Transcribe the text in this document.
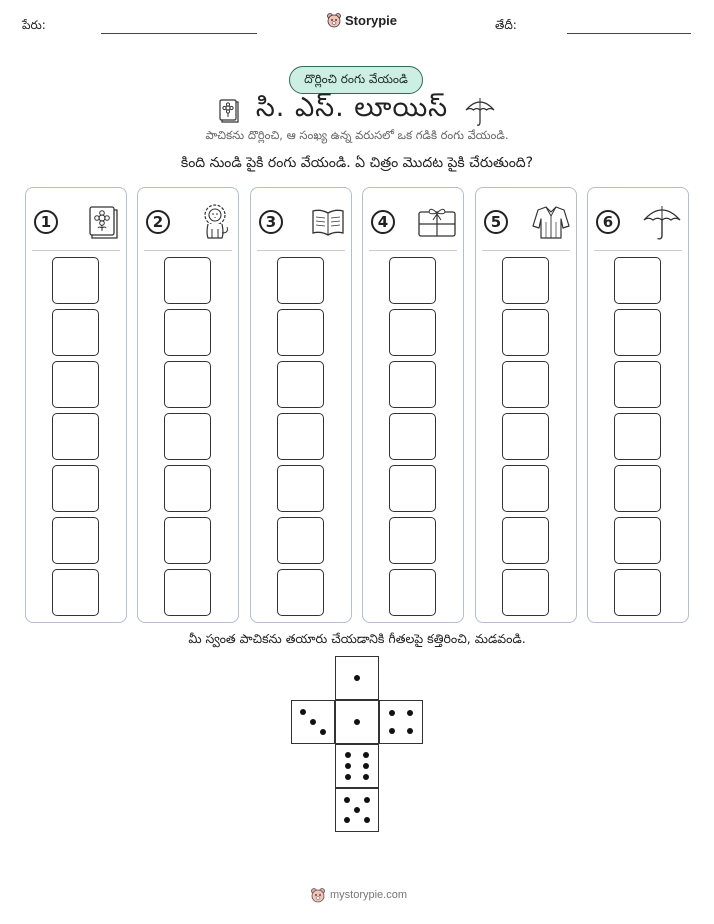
పేరు:	Storypie	తేదీ:
దొర్లించి రంగు వేయండి
సి. ఎస్. లూయిస్
పాచికను దొర్లించి, ఆ సంఖ్య ఉన్న వరుసలో ఒక గడికి రంగు వేయండి.
కింది నుండి పైకి రంగు వేయండి. ఏ చిత్రం మొదట పైకి చేరుతుంది?
1	2	3	4	5	6
మీ స్వంత పాచికను తయారు చేయడానికి గీతలపై కత్తిరించి, మడవండి.
mystorypie.com
